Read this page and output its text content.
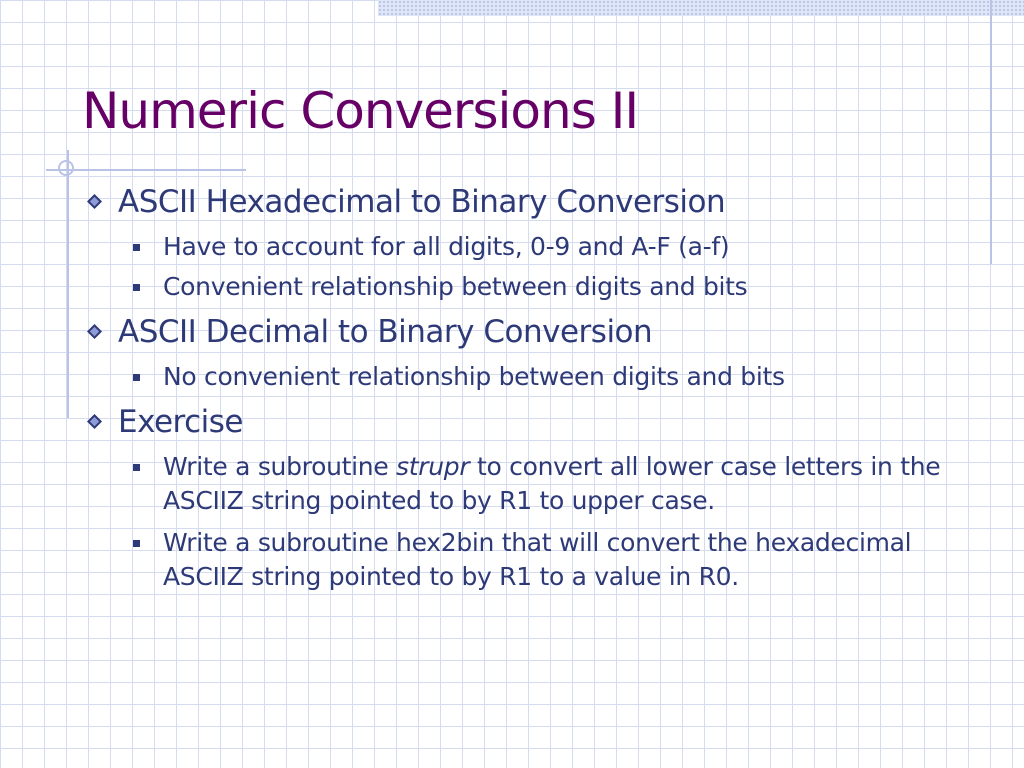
Numeric Conversions II
ASCII Hexadecimal to Binary Conversion
Have to account for all digits, 0-9 and A-F (a-f)
Convenient relationship between digits and bits
ASCII Decimal to Binary Conversion
No convenient relationship between digits and bits
Exercise
Write a subroutine strupr to convert all lower case letters in the ASCIIZ string pointed to by R1 to upper case.
Write a subroutine hex2bin that will convert the hexadecimal ASCIIZ string pointed to by R1 to a value in R0.
